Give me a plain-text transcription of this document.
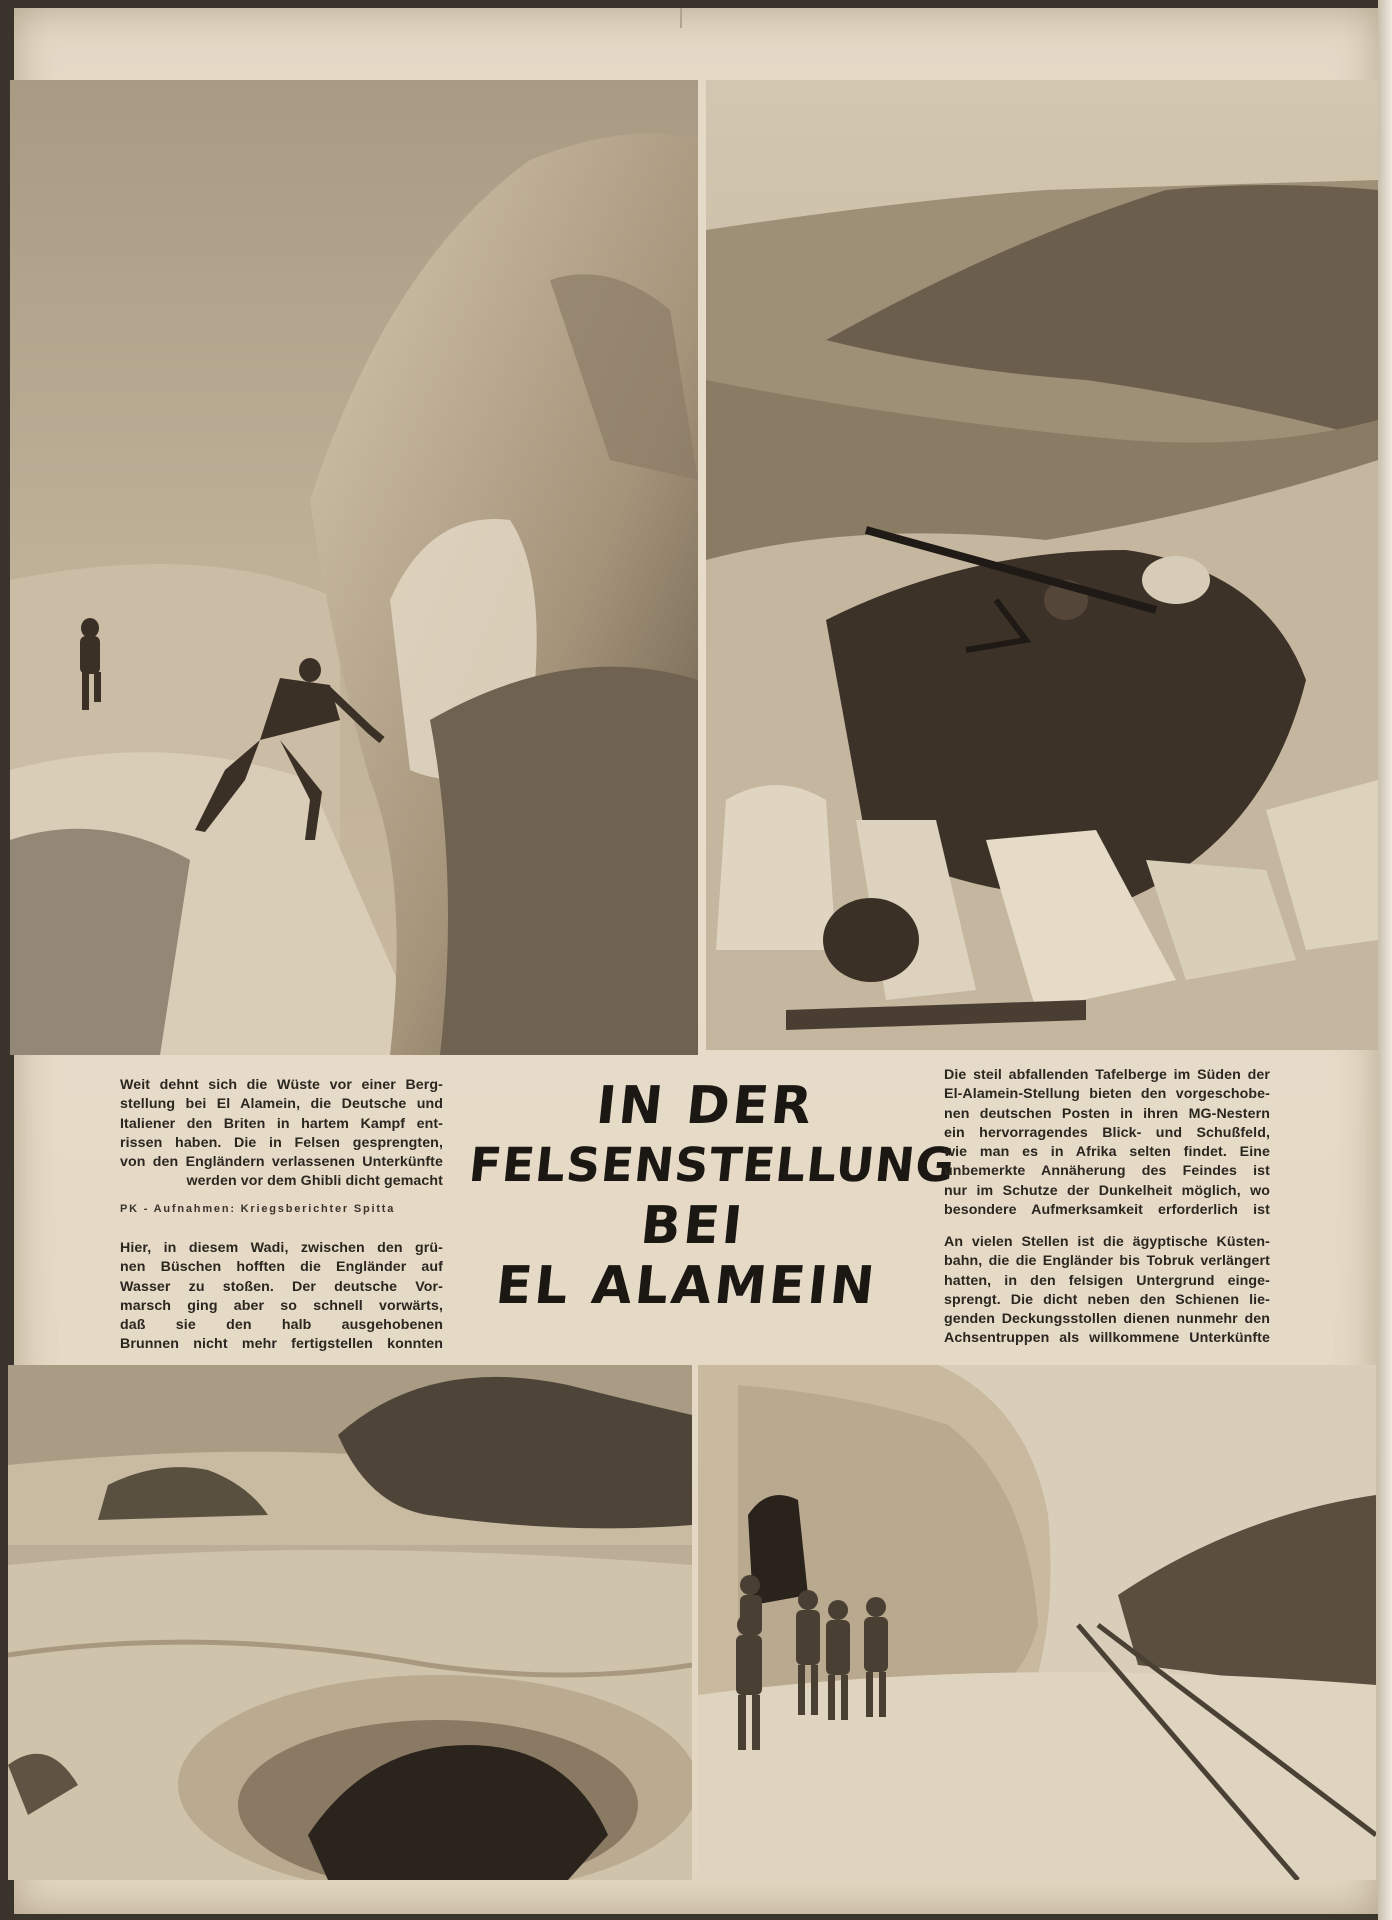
Weit dehnt sich die Wüste vor einer Berg-
stellung bei El Alamein, die Deutsche und
Italiener den Briten in hartem Kampf ent-
rissen haben. Die in Felsen gesprengten,
von den Engländern verlassenen Unterkünfte
werden vor dem Ghibli dicht gemacht
PK - Aufnahmen: Kriegsberichter Spitta
Hier, in diesem Wadi, zwischen den grü-
nen Büschen hofften die Engländer auf
Wasser zu stoßen. Der deutsche Vor-
marsch ging aber so schnell vorwärts,
daß sie den halb ausgehobenen
Brunnen nicht mehr fertigstellen konnten
IN DER
FELSENSTELLUNG
BEI
EL ALAMEIN
Die steil abfallenden Tafelberge im Süden der
El-Alamein-Stellung bieten den vorgeschobe-
nen deutschen Posten in ihren MG-Nestern
ein hervorragendes Blick- und Schußfeld,
wie man es in Afrika selten findet. Eine
unbemerkte Annäherung des Feindes ist
nur im Schutze der Dunkelheit möglich, wo
besondere Aufmerksamkeit erforderlich ist
An vielen Stellen ist die ägyptische Küsten-
bahn, die die Engländer bis Tobruk verlängert
hatten, in den felsigen Untergrund einge-
sprengt. Die dicht neben den Schienen lie-
genden Deckungsstollen dienen nunmehr den
Achsentruppen als willkommene Unterkünfte
